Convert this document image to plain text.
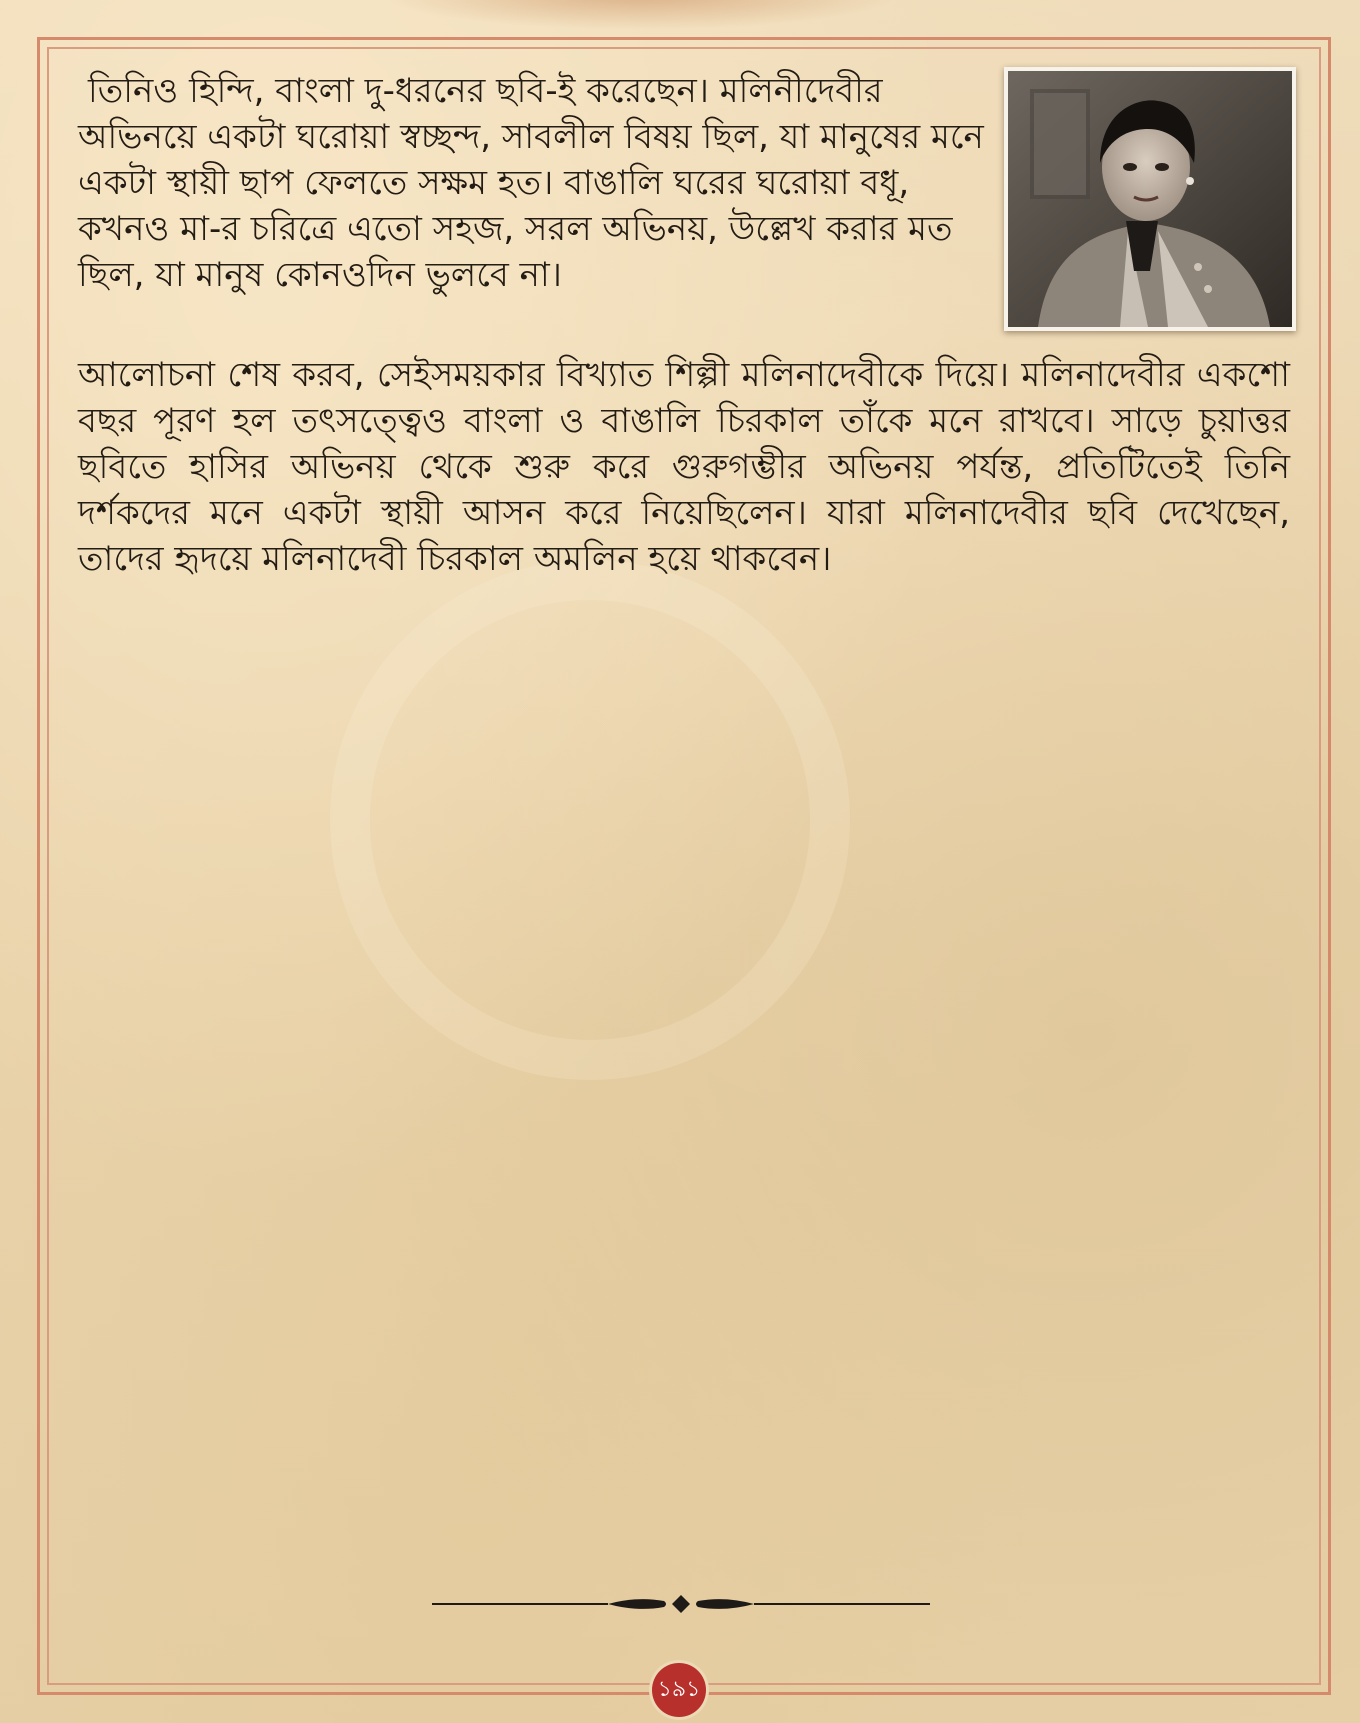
তিনিও হিন্দি, বাংলা দু-ধরনের ছবি-ই করেছেন। মলিনীদেবীর অভিনয়ে একটা ঘরোয়া স্বচ্ছন্দ, সাবলীল বিষয় ছিল, যা মানুষের মনে একটা স্থায়ী ছাপ ফেলতে সক্ষম হত। বাঙালি ঘরের ঘরোয়া বধূ, কখনও মা-র চরিত্রে এতো সহজ, সরল অভিনয়, উল্লেখ করার মত ছিল, যা মানুষ কোনওদিন ভুলবে না।

আলোচনা শেষ করব, সেইসময়কার বিখ্যাত শিল্পী মলিনাদেবীকে দিয়ে। মলিনাদেবীর একশো বছর পূরণ হল তৎসত্ত্বেও বাংলা ও বাঙালি চিরকাল তাঁকে মনে রাখবে। সাড়ে চুয়াত্তর ছবিতে হাসির অভিনয় থেকে শুরু করে গুরুগম্ভীর অভিনয় পর্যন্ত, প্রতিটিতেই তিনি দর্শকদের মনে একটা স্থায়ী আসন করে নিয়েছিলেন। যারা মলিনাদেবীর ছবি দেখেছেন, তাদের হৃদয়ে মলিনাদেবী চিরকাল অমলিন হয়ে থাকবেন।

১৯১
